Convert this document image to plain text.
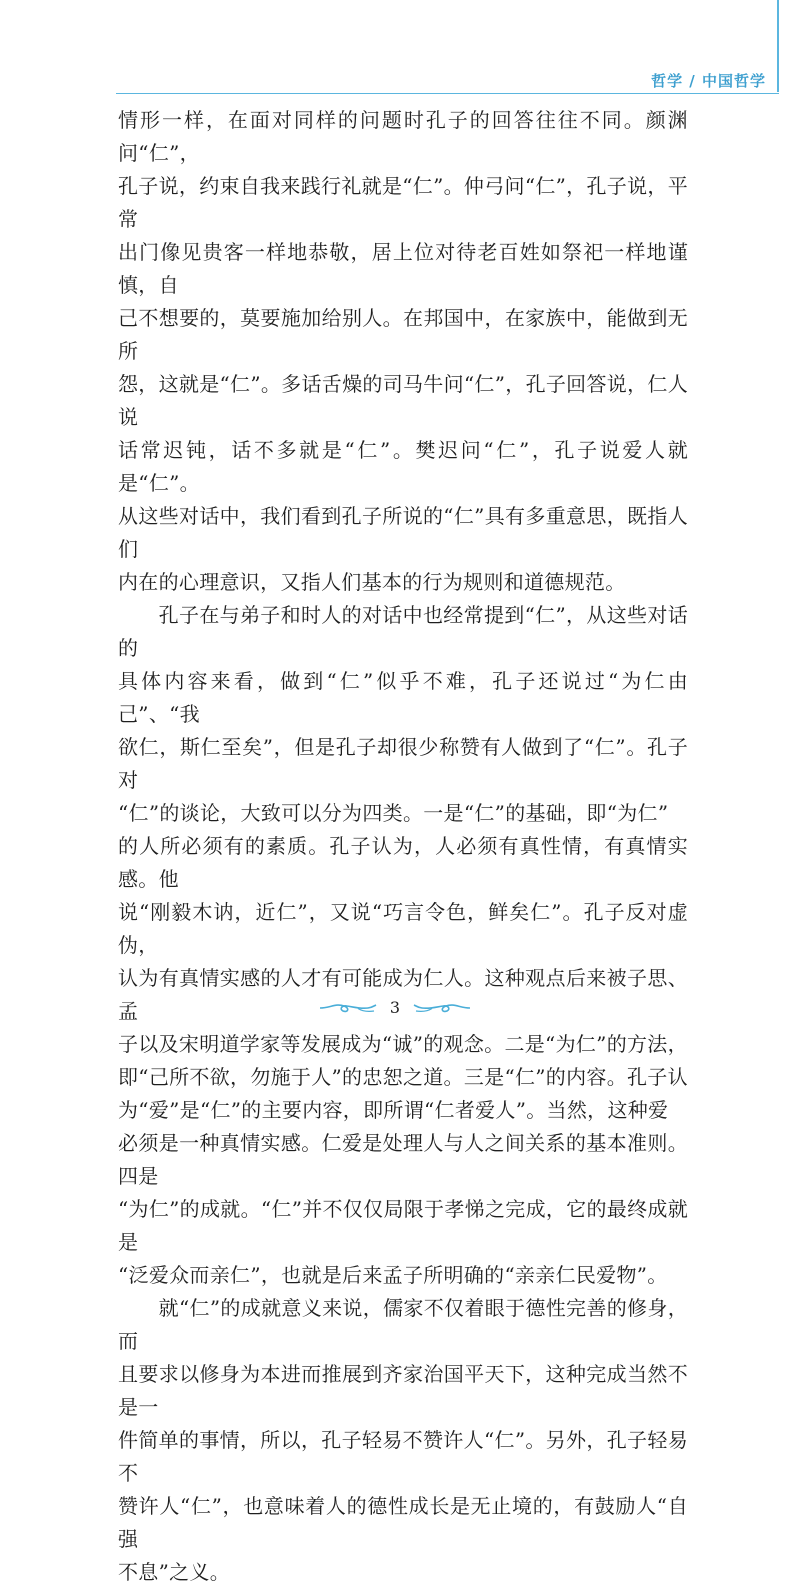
哲学 / 中国哲学

情形一样，在面对同样的问题时孔子的回答往往不同。颜渊问“仁”，
孔子说，约束自我来践行礼就是“仁”。仲弓问“仁”，孔子说，平常
出门像见贵客一样地恭敬，居上位对待老百姓如祭祀一样地谨慎，自
己不想要的，莫要施加给别人。在邦国中，在家族中，能做到无所
怨，这就是“仁”。多话舌燥的司马牛问“仁”，孔子回答说，仁人说
话常迟钝，话不多就是“仁”。樊迟问“仁”，孔子说爱人就是“仁”。
从这些对话中，我们看到孔子所说的“仁”具有多重意思，既指人们
内在的心理意识，又指人们基本的行为规则和道德规范。

　　孔子在与弟子和时人的对话中也经常提到“仁”，从这些对话的
具体内容来看，做到“仁”似乎不难，孔子还说过“为仁由己”、“我
欲仁，斯仁至矣”，但是孔子却很少称赞有人做到了“仁”。孔子对
“仁”的谈论，大致可以分为四类。一是“仁”的基础，即“为仁”
的人所必须有的素质。孔子认为，人必须有真性情，有真情实感。他
说“刚毅木讷，近仁”，又说“巧言令色，鲜矣仁”。孔子反对虚伪，
认为有真情实感的人才有可能成为仁人。这种观点后来被子思、孟
子以及宋明道学家等发展成为“诚”的观念。二是“为仁”的方法，
即“己所不欲，勿施于人”的忠恕之道。三是“仁”的内容。孔子认
为“爱”是“仁”的主要内容，即所谓“仁者爱人”。当然，这种爱
必须是一种真情实感。仁爱是处理人与人之间关系的基本准则。四是
“为仁”的成就。“仁”并不仅仅局限于孝悌之完成，它的最终成就是
“泛爱众而亲仁”，也就是后来孟子所明确的“亲亲仁民爱物”。

　　就“仁”的成就意义来说，儒家不仅着眼于德性完善的修身，而
且要求以修身为本进而推展到齐家治国平天下，这种完成当然不是一
件简单的事情，所以，孔子轻易不赞许人“仁”。另外，孔子轻易不
赞许人“仁”，也意味着人的德性成长是无止境的，有鼓励人“自强
不息”之义。

3
